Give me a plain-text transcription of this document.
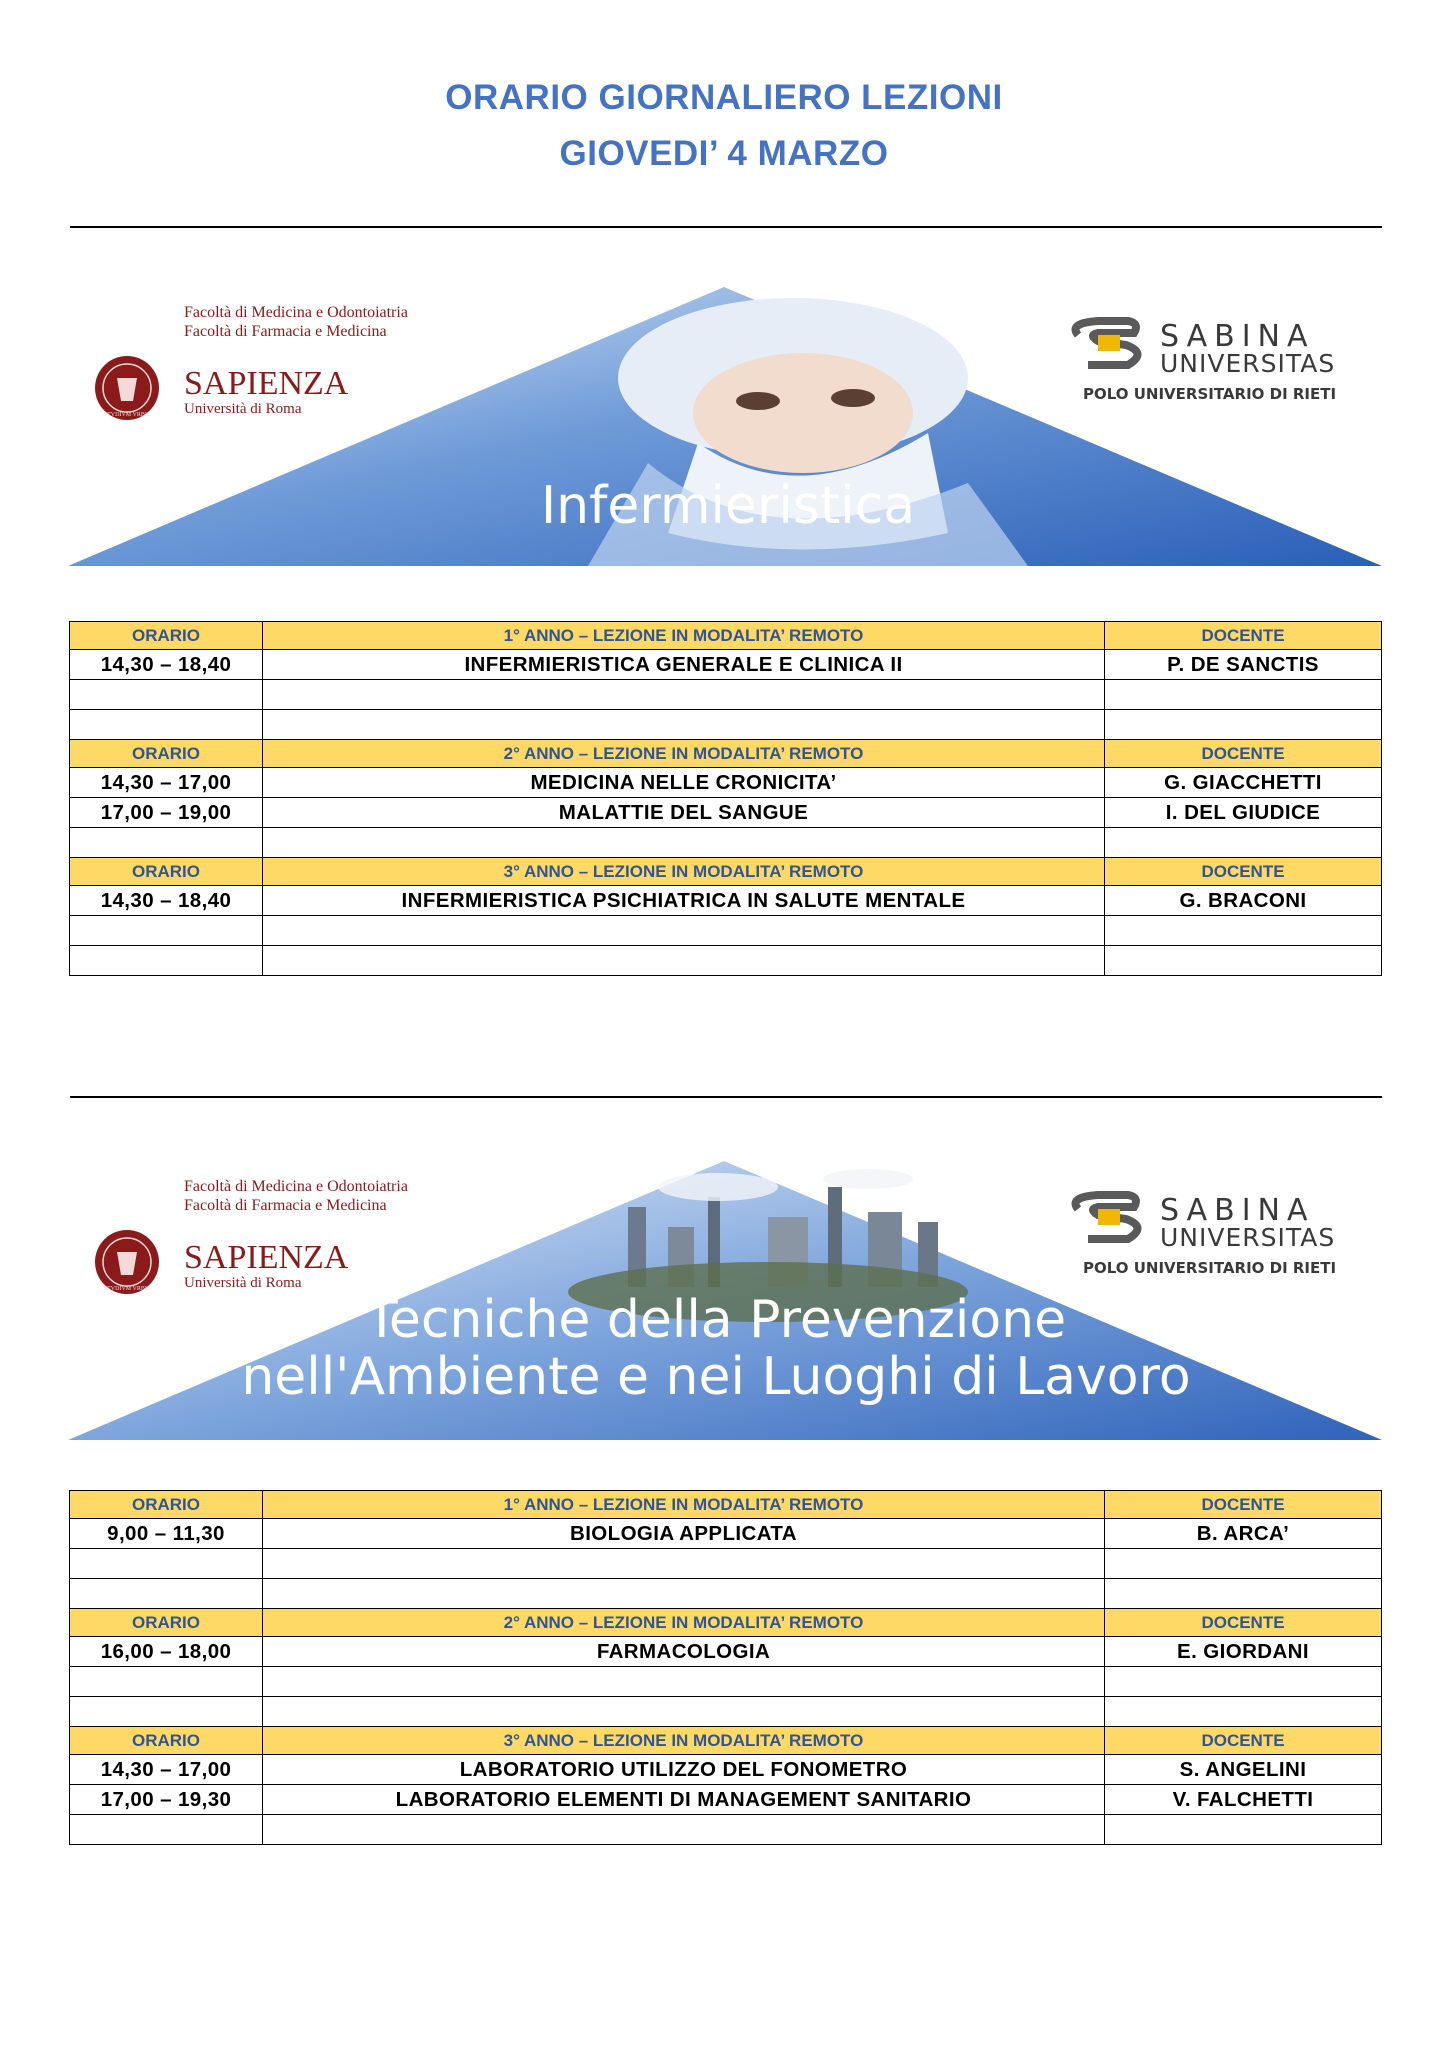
ORARIO GIORNALIERO LEZIONI
GIOVEDI’ 4 MARZO
Infermieristica
Facoltà di Medicina e Odontoiatria
Facoltà di Farmacia e Medicina
STVDIVM VRBIS
SAPIENZA
Università di Roma
SABINA
UNIVERSITAS
POLO UNIVERSITARIO DI RIETI
ORARIO	1° ANNO – LEZIONE IN MODALITA’ REMOTO	DOCENTE
14,30 – 18,40	INFERMIERISTICA GENERALE E CLINICA II	P. DE SANCTIS

ORARIO	2° ANNO – LEZIONE IN MODALITA’ REMOTO	DOCENTE
14,30 – 17,00	MEDICINA NELLE CRONICITA’	G. GIACCHETTI
17,00 – 19,00	MALATTIE DEL SANGUE	I. DEL GIUDICE

ORARIO	3° ANNO – LEZIONE IN MODALITA’ REMOTO	DOCENTE
14,30 – 18,40	INFERMIERISTICA PSICHIATRICA IN SALUTE MENTALE	G. BRACONI

Tecniche della Prevenzione
nell'Ambiente e nei Luoghi di Lavoro
Facoltà di Medicina e Odontoiatria
Facoltà di Farmacia e Medicina
STVDIVM VRBIS
SAPIENZA
Università di Roma
SABINA
UNIVERSITAS
POLO UNIVERSITARIO DI RIETI
ORARIO	1° ANNO – LEZIONE IN MODALITA’ REMOTO	DOCENTE
9,00 – 11,30	BIOLOGIA APPLICATA	B. ARCA’

ORARIO	2° ANNO – LEZIONE IN MODALITA’ REMOTO	DOCENTE
16,00 – 18,00	FARMACOLOGIA	E. GIORDANI

ORARIO	3° ANNO – LEZIONE IN MODALITA’ REMOTO	DOCENTE
14,30 – 17,00	LABORATORIO UTILIZZO DEL FONOMETRO	S. ANGELINI
17,00 – 19,30	LABORATORIO ELEMENTI DI MANAGEMENT SANITARIO	V. FALCHETTI
